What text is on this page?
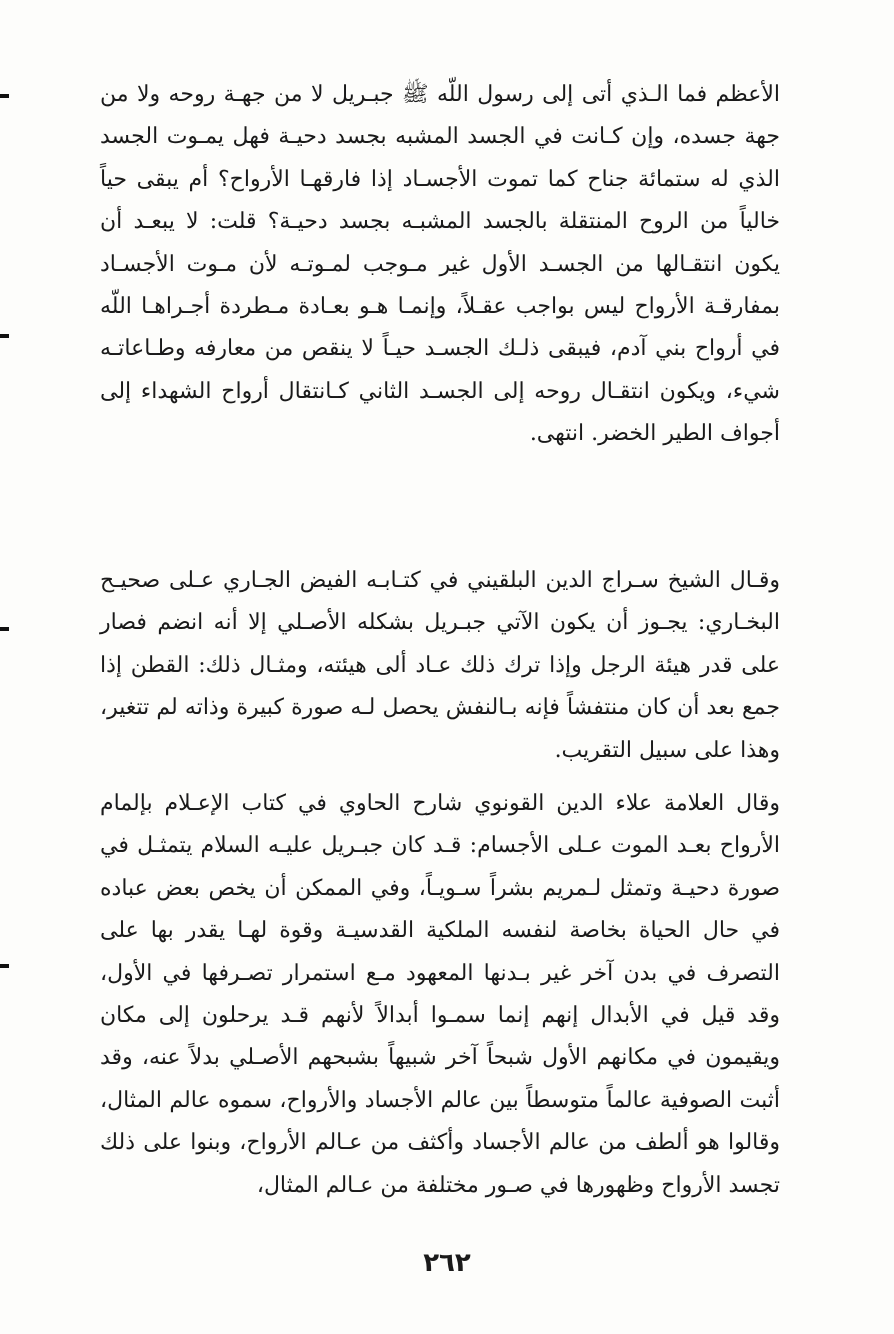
الأعظم فما الـذي أتى إلى رسول اللّه ﷺ جبـريل لا من جهـة روحه ولا من جهة جسده، وإن كـانت في الجسد المشبه بجسد دحيـة فهل يمـوت الجسد الذي له ستمائة جناح كما تموت الأجسـاد إذا فارقهـا الأرواح؟ أم يبقى حياً خالياً من الروح المنتقلة بالجسد المشبـه بجسد دحيـة؟ قلت: لا يبعـد أن يكون انتقـالها من الجسـد الأول غير مـوجب لمـوتـه لأن مـوت الأجسـاد بمفارقـة الأرواح ليس بواجب عقـلاً، وإنمـا هـو بعـادة مـطردة أجـراهـا اللّه في أرواح بني آدم، فيبقى ذلـك الجسـد حيـاً لا ينقص من معارفه وطـاعاتـه شيء، ويكون انتقـال روحه إلى الجسـد الثاني كـانتقال أرواح الشهداء إلى أجواف الطير الخضر. انتهى.

وقـال الشيخ سـراج الدين البلقيني في كتـابـه الفيض الجـاري عـلى صحيـح البخـاري: يجـوز أن يكون الآتي جبـريل بشكله الأصـلي إلا أنه انضم فصار على قدر هيئة الرجل وإذا ترك ذلك عـاد ألى هيئته، ومثـال ذلك: القطن إذا جمع بعد أن كان منتفشاً فإنه بـالنفش يحصل لـه صورة كبيرة وذاته لم تتغير، وهذا على سبيل التقريب.

وقال العلامة علاء الدين القونوي شارح الحاوي في كتاب الإعـلام بإلمام الأرواح بعـد الموت عـلى الأجسام: قـد كان جبـريل عليـه السلام يتمثـل في صورة دحيـة وتمثل لـمريم بشراً سـويـاً، وفي الممكن أن يخص بعض عباده في حال الحياة بخاصة لنفسه الملكية القدسيـة وقوة لهـا يقدر بها على التصرف في بدن آخر غير بـدنها المعهود مـع استمرار تصـرفها في الأول، وقد قيل في الأبدال إنهم إنما سمـوا أبدالاً لأنهم قـد يرحلون إلى مكان ويقيمون في مكانهم الأول شبحاً آخر شبيهاً بشبحهم الأصـلي بدلاً عنه، وقد أثبت الصوفية عالماً متوسطاً بين عالم الأجساد والأرواح، سموه عالم المثال، وقالوا هو ألطف من عالم الأجساد وأكثف من عـالم الأرواح، وبنوا على ذلك تجسد الأرواح وظهورها في صـور مختلفة من عـالم المثال،

٢٦٢
